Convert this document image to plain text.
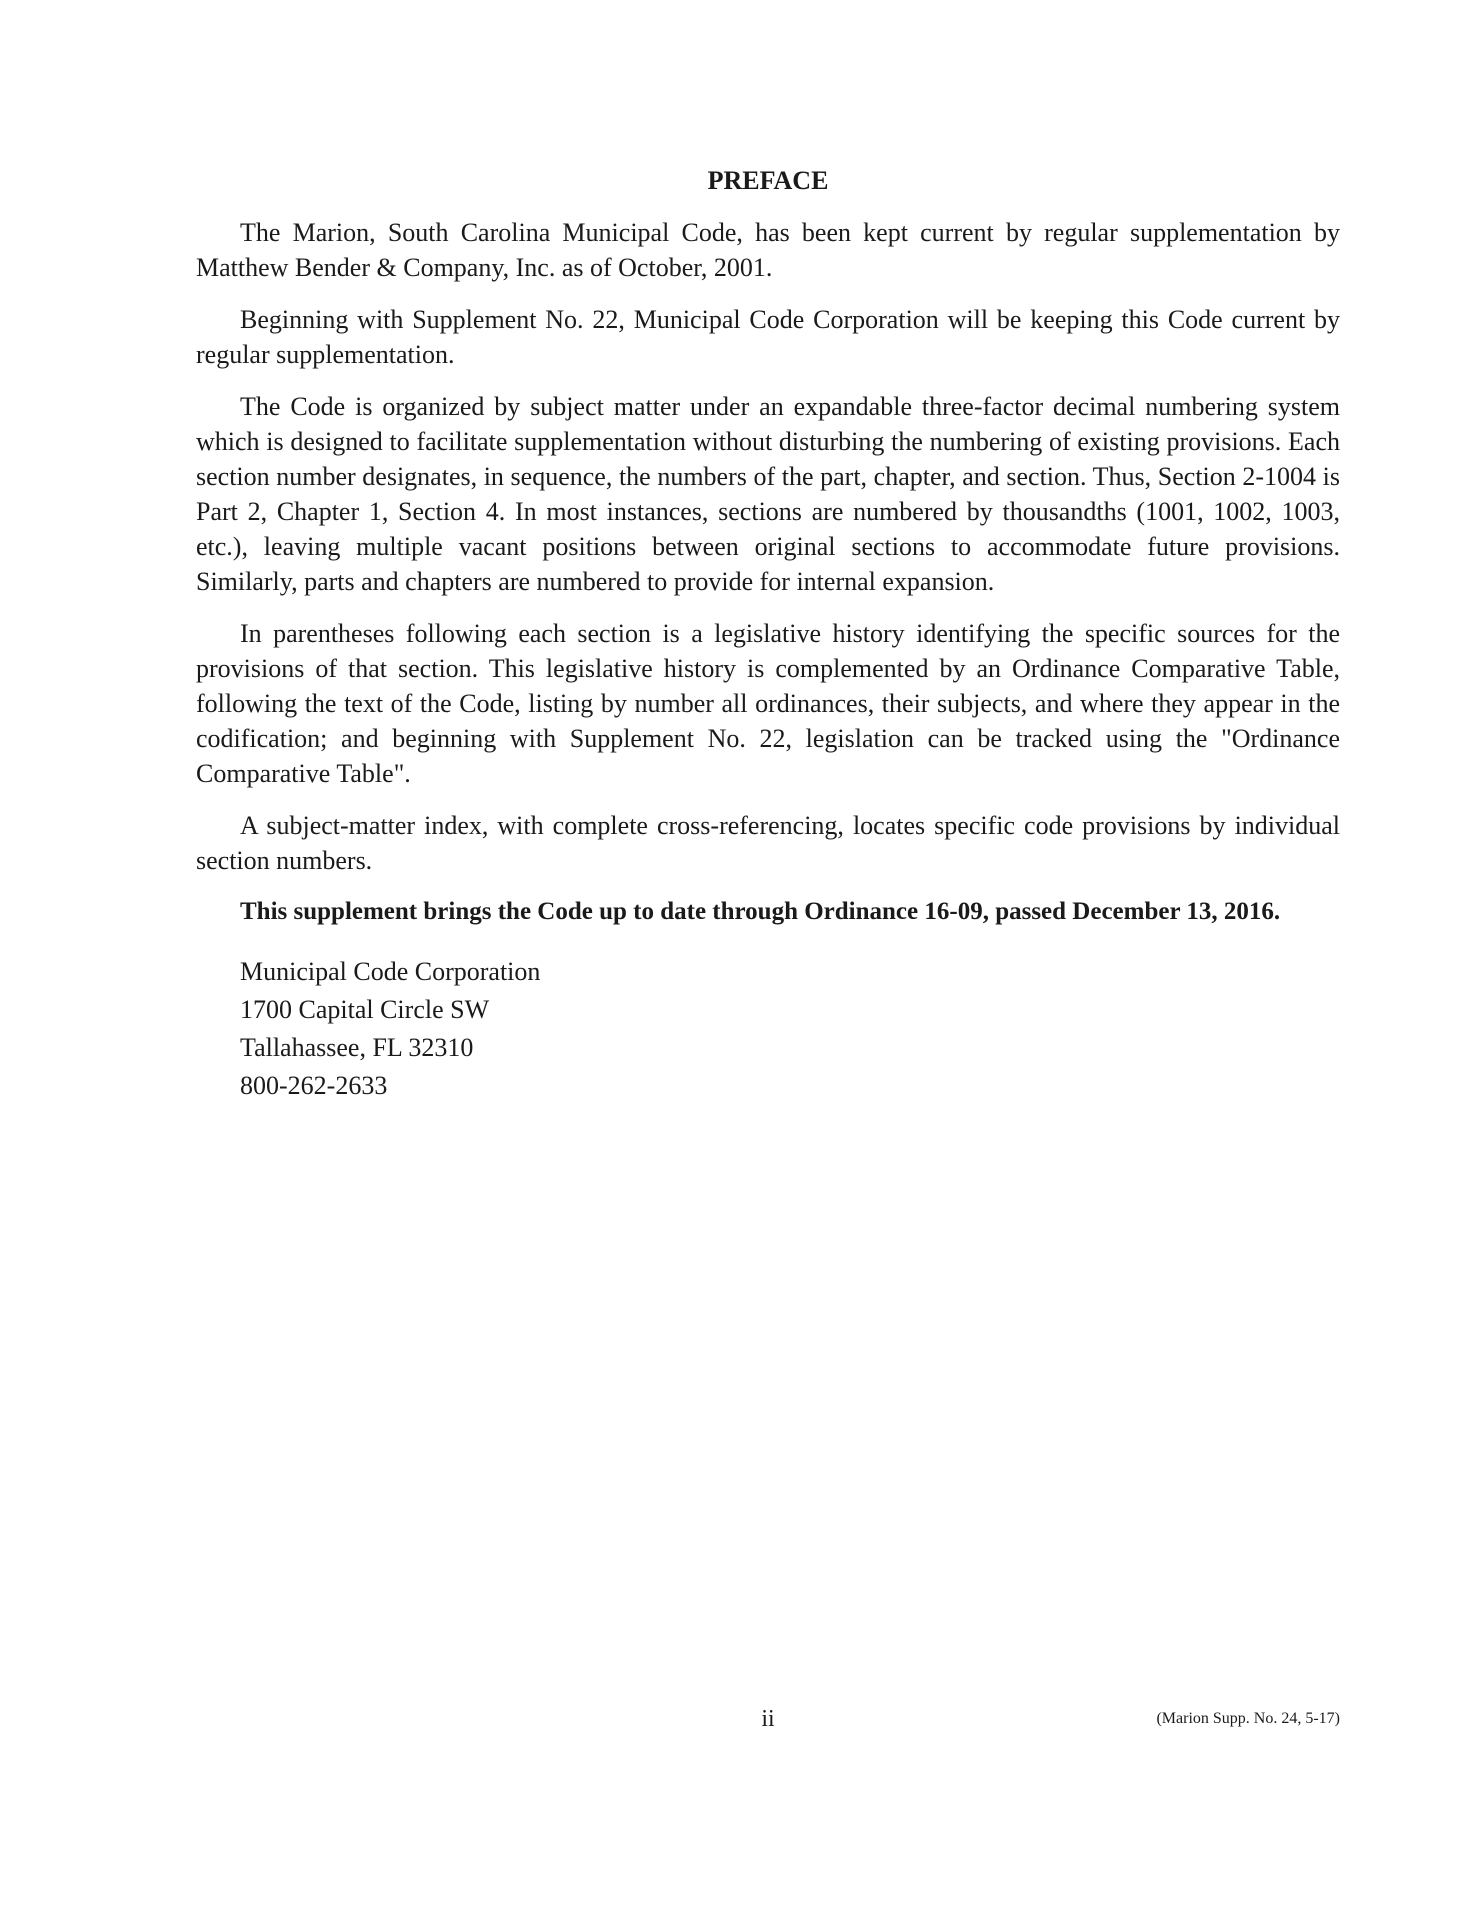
PREFACE

The Marion, South Carolina Municipal Code, has been kept current by regular supplementation by Matthew Bender & Company, Inc. as of October, 2001.

Beginning with Supplement No. 22, Municipal Code Corporation will be keeping this Code current by regular supplementation.

The Code is organized by subject matter under an expandable three-factor decimal numbering system which is designed to facilitate supplementation without disturbing the numbering of existing provisions. Each section number designates, in sequence, the numbers of the part, chapter, and section. Thus, Section 2-1004 is Part 2, Chapter 1, Section 4. In most instances, sections are numbered by thousandths (1001, 1002, 1003, etc.), leaving multiple vacant positions between original sections to accommodate future provisions. Similarly, parts and chapters are numbered to provide for internal expansion.

In parentheses following each section is a legislative history identifying the specific sources for the provisions of that section. This legislative history is complemented by an Ordinance Comparative Table, following the text of the Code, listing by number all ordinances, their subjects, and where they appear in the codification; and beginning with Supplement No. 22, legislation can be tracked using the "Ordinance Comparative Table".

A subject-matter index, with complete cross-referencing, locates specific code provisions by individual section numbers.

This supplement brings the Code up to date through Ordinance 16-09, passed December 13, 2016.

Municipal Code Corporation
1700 Capital Circle SW
Tallahassee, FL 32310
800-262-2633
ii	(Marion Supp. No. 24, 5-17)
